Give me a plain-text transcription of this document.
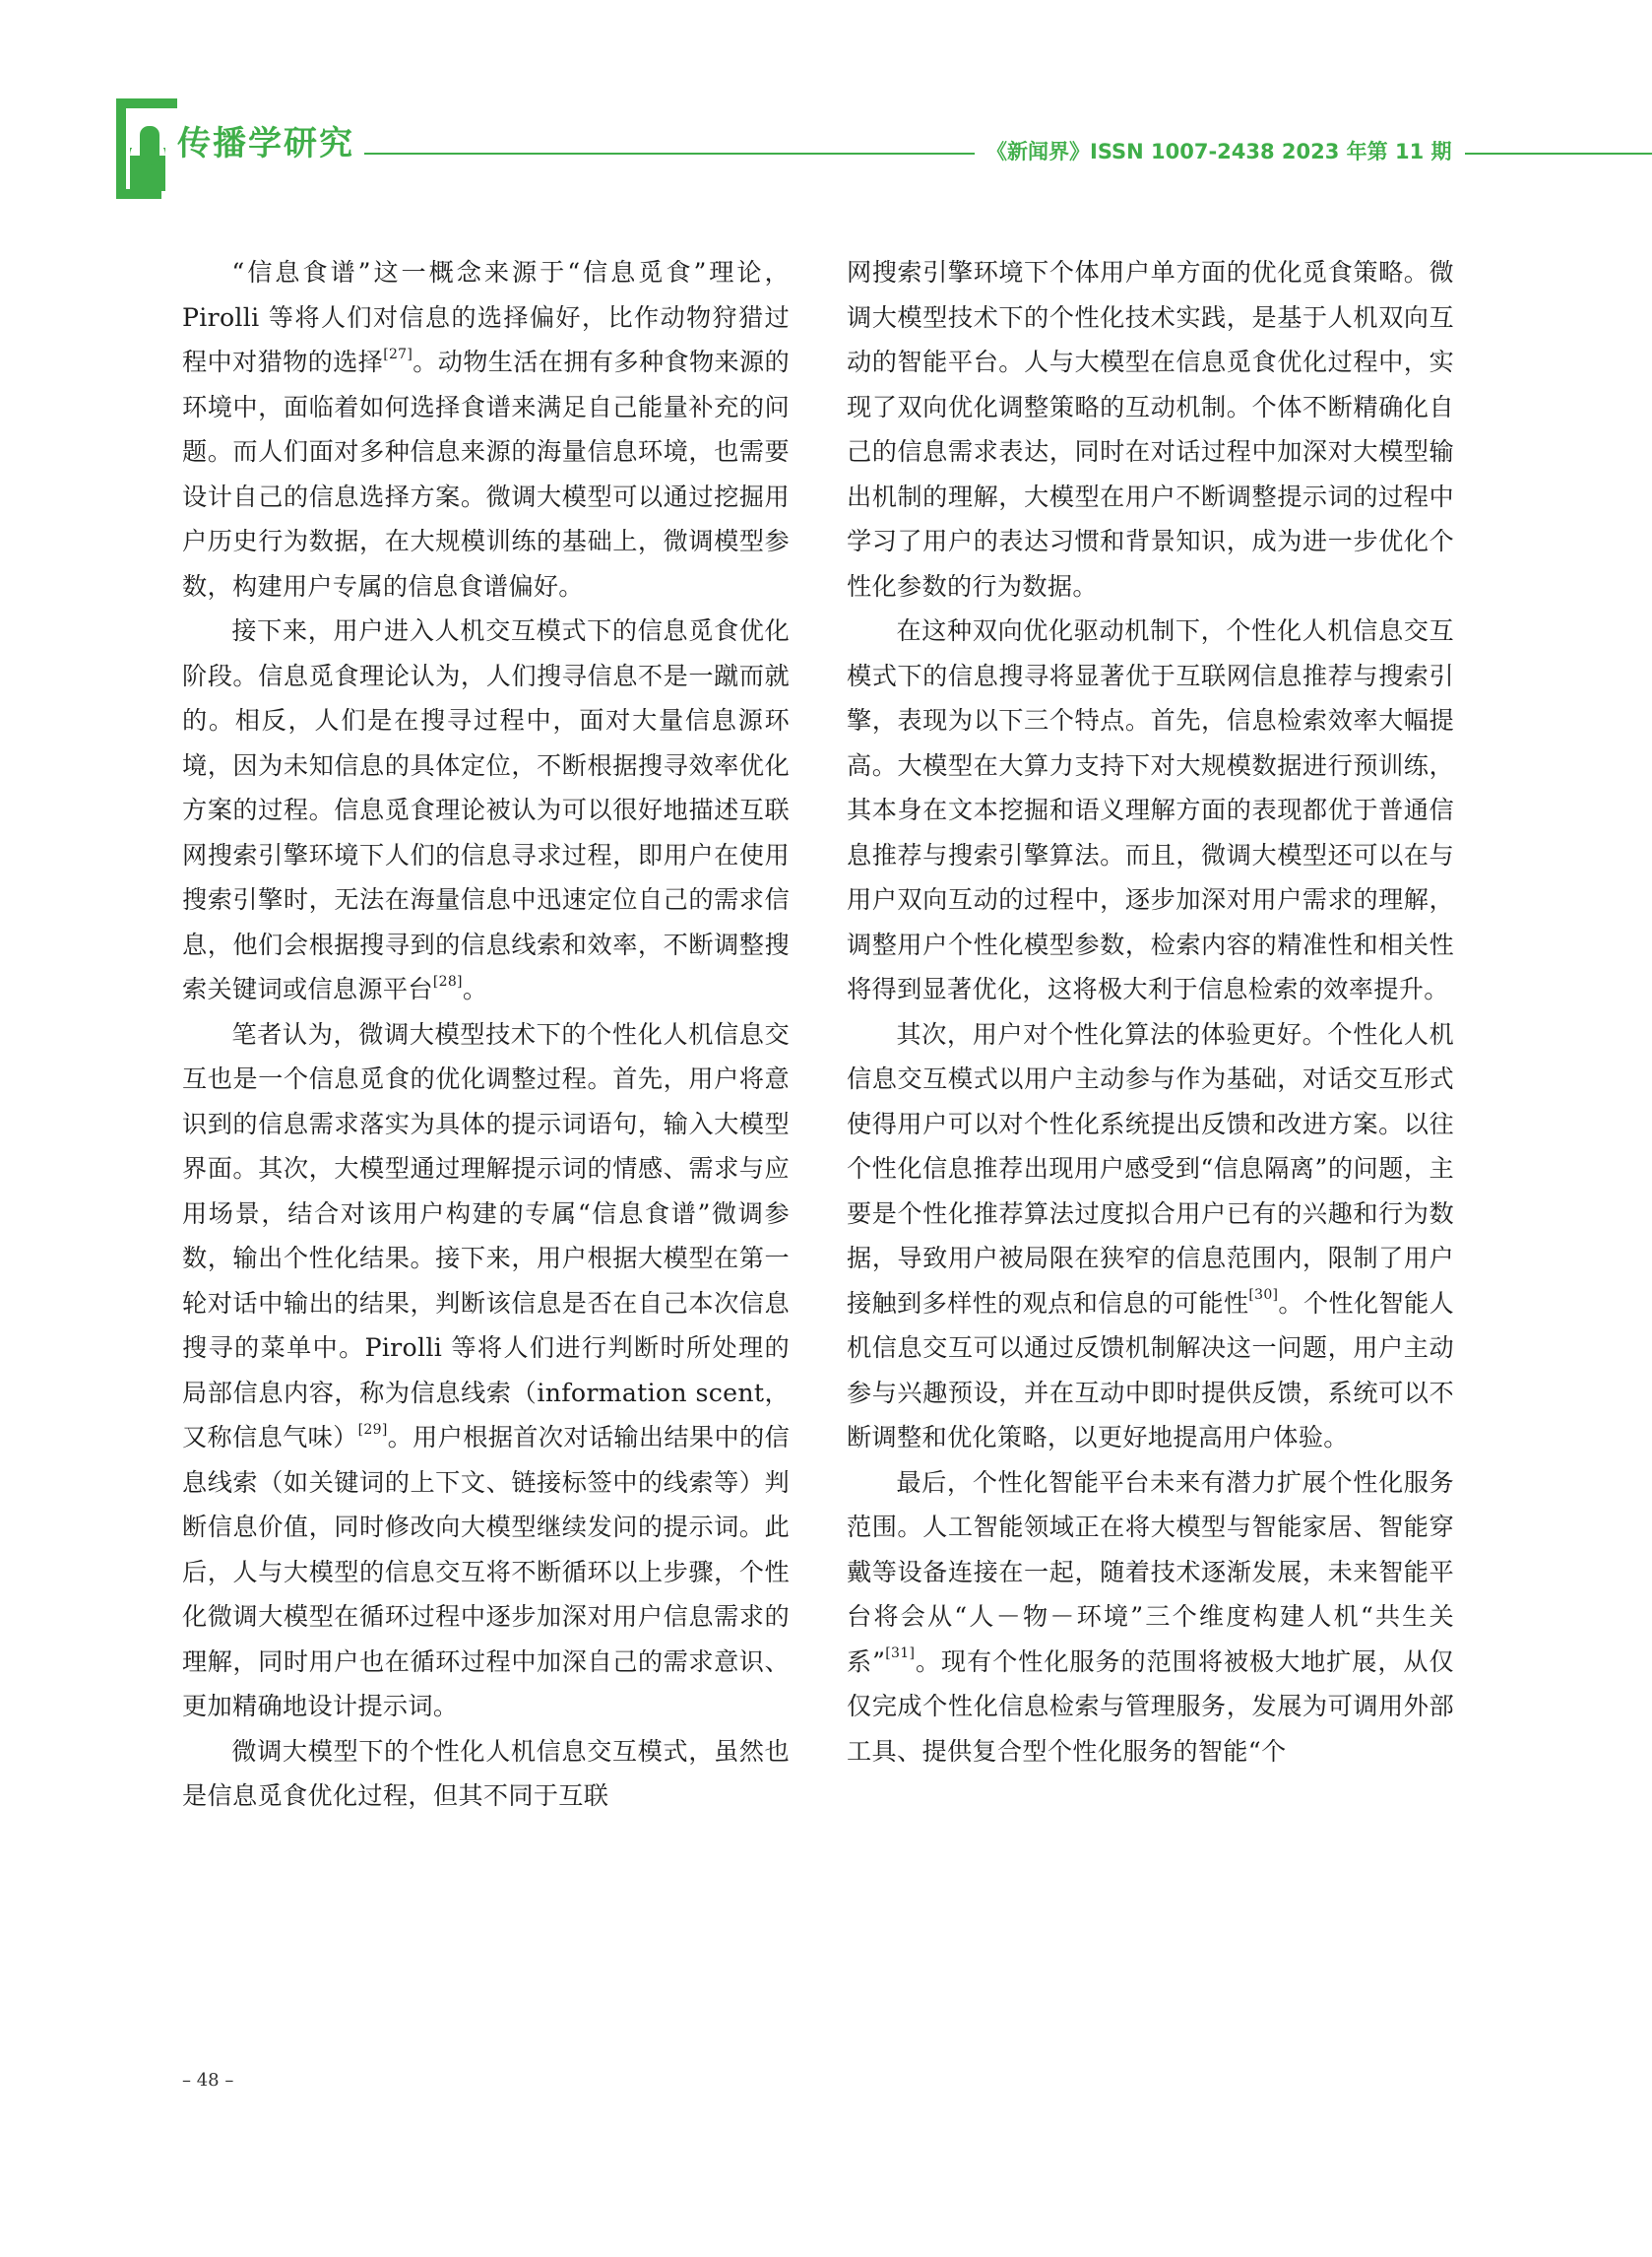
传播学研究	《新闻界》ISSN 1007-2438 2023 年第 11 期

“信息食谱”这一概念来源于“信息觅食”理论，Pirolli 等将人们对信息的选择偏好，比作动物狩猎过程中对猎物的选择[27]。动物生活在拥有多种食物来源的环境中，面临着如何选择食谱来满足自己能量补充的问题。而人们面对多种信息来源的海量信息环境，也需要设计自己的信息选择方案。微调大模型可以通过挖掘用户历史行为数据，在大规模训练的基础上，微调模型参数，构建用户专属的信息食谱偏好。

接下来，用户进入人机交互模式下的信息觅食优化阶段。信息觅食理论认为，人们搜寻信息不是一蹴而就的。相反，人们是在搜寻过程中，面对大量信息源环境，因为未知信息的具体定位，不断根据搜寻效率优化方案的过程。信息觅食理论被认为可以很好地描述互联网搜索引擎环境下人们的信息寻求过程，即用户在使用搜索引擎时，无法在海量信息中迅速定位自己的需求信息，他们会根据搜寻到的信息线索和效率，不断调整搜索关键词或信息源平台[28]。

笔者认为，微调大模型技术下的个性化人机信息交互也是一个信息觅食的优化调整过程。首先，用户将意识到的信息需求落实为具体的提示词语句，输入大模型界面。其次，大模型通过理解提示词的情感、需求与应用场景，结合对该用户构建的专属“信息食谱”微调参数，输出个性化结果。接下来，用户根据大模型在第一轮对话中输出的结果，判断该信息是否在自己本次信息搜寻的菜单中。Pirolli 等将人们进行判断时所处理的局部信息内容，称为信息线索（information scent，又称信息气味）[29]。用户根据首次对话输出结果中的信息线索（如关键词的上下文、链接标签中的线索等）判断信息价值，同时修改向大模型继续发问的提示词。此后，人与大模型的信息交互将不断循环以上步骤，个性化微调大模型在循环过程中逐步加深对用户信息需求的理解，同时用户也在循环过程中加深自己的需求意识、更加精确地设计提示词。

微调大模型下的个性化人机信息交互模式，虽然也是信息觅食优化过程，但其不同于互联

网搜索引擎环境下个体用户单方面的优化觅食策略。微调大模型技术下的个性化技术实践，是基于人机双向互动的智能平台。人与大模型在信息觅食优化过程中，实现了双向优化调整策略的互动机制。个体不断精确化自己的信息需求表达，同时在对话过程中加深对大模型输出机制的理解，大模型在用户不断调整提示词的过程中学习了用户的表达习惯和背景知识，成为进一步优化个性化参数的行为数据。

在这种双向优化驱动机制下，个性化人机信息交互模式下的信息搜寻将显著优于互联网信息推荐与搜索引擎，表现为以下三个特点。首先，信息检索效率大幅提高。大模型在大算力支持下对大规模数据进行预训练，其本身在文本挖掘和语义理解方面的表现都优于普通信息推荐与搜索引擎算法。而且，微调大模型还可以在与用户双向互动的过程中，逐步加深对用户需求的理解，调整用户个性化模型参数，检索内容的精准性和相关性将得到显著优化，这将极大利于信息检索的效率提升。

其次，用户对个性化算法的体验更好。个性化人机信息交互模式以用户主动参与作为基础，对话交互形式使得用户可以对个性化系统提出反馈和改进方案。以往个性化信息推荐出现用户感受到“信息隔离”的问题，主要是个性化推荐算法过度拟合用户已有的兴趣和行为数据，导致用户被局限在狭窄的信息范围内，限制了用户接触到多样性的观点和信息的可能性[30]。个性化智能人机信息交互可以通过反馈机制解决这一问题，用户主动参与兴趣预设，并在互动中即时提供反馈，系统可以不断调整和优化策略，以更好地提高用户体验。

最后，个性化智能平台未来有潜力扩展个性化服务范围。人工智能领域正在将大模型与智能家居、智能穿戴等设备连接在一起，随着技术逐渐发展，未来智能平台将会从“人－物－环境”三个维度构建人机“共生关系”[31]。现有个性化服务的范围将被极大地扩展，从仅仅完成个性化信息检索与管理服务，发展为可调用外部工具、提供复合型个性化服务的智能“个

– 48 –
